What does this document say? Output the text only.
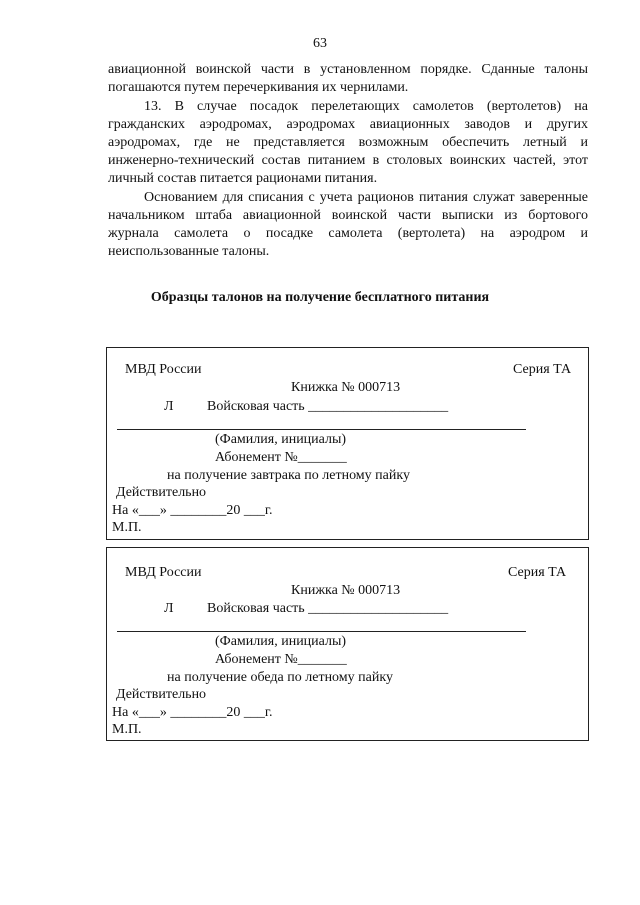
63

авиационной воинской части в установленном порядке. Сданные талоны погашаются путем перечеркивания их чернилами.

13. В случае посадок перелетающих самолетов (вертолетов) на гражданских аэродромах, аэродромах авиационных заводов и других аэродромах, где не представляется возможным обеспечить летный и инженерно-технический состав питанием в столовых воинских частей, этот личный состав питается рационами питания.

Основанием для списания с учета рационов питания служат заверенные начальником штаба авиационной воинской части выписки из бортового журнала самолета о посадке самолета (вертолета) на аэродром и неиспользованные талоны.

Образцы талонов на получение бесплатного питания
МВД России	Серия ТА
Книжка № 000713
Л Войсковая часть ____________________
(Фамилия, инициалы)
Абонемент №_______
на получение завтрака по летному пайку
Действительно
На «___» ________20 ___г.
М.П.
МВД России	Серия ТА
Книжка № 000713
Л Войсковая часть ____________________
(Фамилия, инициалы)
Абонемент №_______
на получение обеда по летному пайку
Действительно
На «___» ________20 ___г.
М.П.
